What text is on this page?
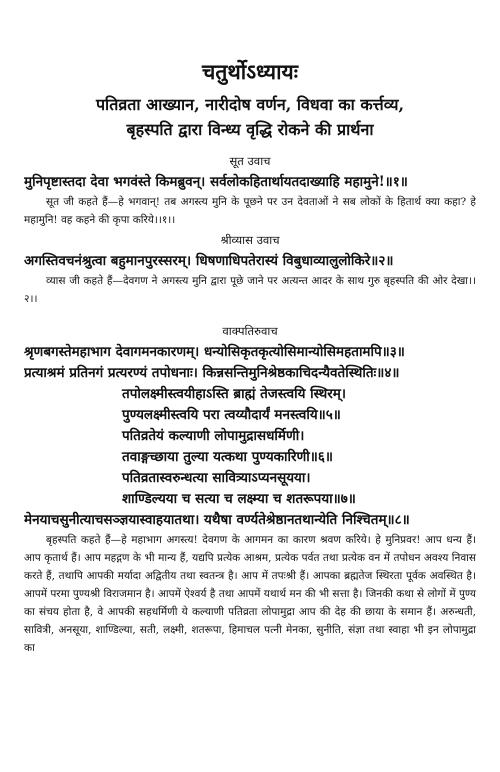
चतुर्थोऽध्यायः
पतिव्रता आख्यान, नारीदोष वर्णन, विधवा का कर्त्तव्य,
बृहस्पति द्वारा विन्ध्य वृद्धि रोकने की प्रार्थना
सूत उवाच
मुनिपृष्टास्तदा देवा भगवंस्ते किमब्रुवन्। सर्वलोकहितार्थायतदाख्याहि महामुने!॥१॥
सूत जी कहते हैं—हे भगवान्! तब अगस्त्य मुनि के पूछने पर उन देवताओं ने सब लोकों के हितार्थ क्या कहा? हे महामुनि! वह कहने की कृपा करिये।।१।।
श्रीव्यास उवाच
अगस्तिवचनंश्रुत्वा बहुमानपुरस्सरम्। धिषणाधिपतेरास्यं विबुधाव्यालुलोकिरे॥२॥
व्यास जी कहते हैं—देवगण ने अगस्त्य मुनि द्वारा पूछे जाने पर अत्यन्त आदर के साथ गुरु बृहस्पति की ओर देखा।।२।।
वाक्पतिरुवाच
श्रृणबगस्तेमहाभाग देवागमनकारणम्। धन्योसिकृतकृत्योसिमान्योसिमहतामपि॥३॥
प्रत्याश्रमं प्रतिनगं प्रत्यरण्यं तपोधनाः। किन्नसन्तिमुनिश्रेष्ठकाचिदन्यैवतेस्थितिः॥४॥
तपोलक्ष्मीस्त्वयीहाऽस्ति ब्राह्मं तेजस्त्वयि स्थिरम्।
पुण्यलक्ष्मीस्त्वयि परा त्वय्यौदार्यं मनस्त्वयि॥५॥
पतिव्रतेयं कल्याणी लोपामुद्रासधर्मिणी।
तवाङ्गच्छाया तुल्या यत्कथा पुण्यकारिणी॥६॥
पतिव्रतास्वरुन्धत्या सावित्र्याऽप्यनसूयया।
शाण्डिल्यया च सत्या च लक्ष्म्या च शतरूपया॥७॥
मेनयाचसुनीत्याचसञ्ज्ञयास्वाहयातथा। यथैषा वर्ण्यतेश्रेष्ठानतथान्येति निश्चितम्॥८॥
बृहस्पति कहते हैं—हे महाभाग अगस्त्य! देवगण के आगमन का कारण श्रवण करिये। हे मुनिप्रवर! आप धन्य हैं। आप कृतार्थ हैं। आप महद्गण के भी मान्य हैं, यद्यपि प्रत्येक आश्रम, प्रत्येक पर्वत तथा प्रत्येक वन में तपोधन अवश्य निवास करते हैं, तथापि आपकी मर्यादा अद्वितीय तथा स्वतन्त्र है। आप में तपःश्री हैं। आपका ब्रह्मतेज स्थिरता पूर्वक अवस्थित है। आपमें परमा पुण्यश्री विराजमान है। आपमें ऐश्वर्य है तथा आपमें यथार्थ मन की भी सत्ता है। जिनकी कथा से लोगों में पुण्य का संचय होता है, वे आपकी सहधर्मिणी ये कल्याणी पतिव्रता लोपामुद्रा आप की देह की छाया के समान हैं। अरुन्धती, सावित्री, अनसूया, शाण्डिल्या, सती, लक्ष्मी, शतरूपा, हिमाचल पत्नी मेनका, सुनीति, संज्ञा तथा स्वाहा भी इन लोपामुद्रा का
